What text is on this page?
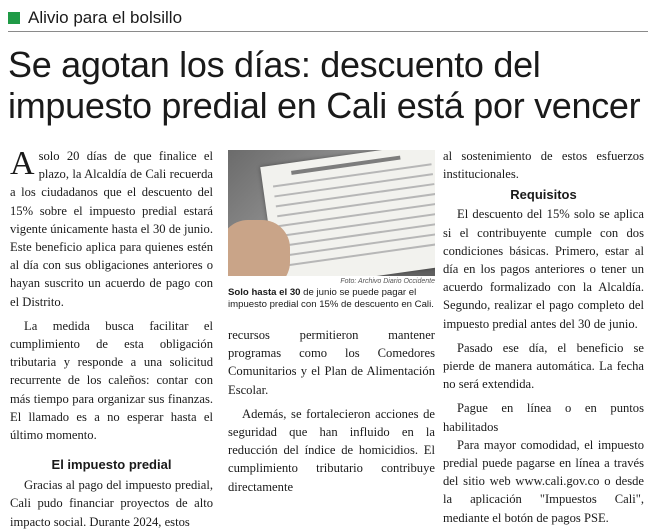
Alivio para el bolsillo
Se agotan los días: descuento del
impuesto predial en Cali está por vencer

Asolo 20 días de que finalice el plazo, la Alcaldía de Cali recuerda a los ciudadanos que el descuento del 15% sobre el impuesto predial estará vigente únicamente hasta el 30 de junio. Este beneficio aplica para quienes estén al día con sus obligaciones anteriores o hayan suscrito un acuerdo de pago con el Distrito.

La medida busca facilitar el cumplimiento de esta obligación tributaria y responde a una solicitud recurrente de los caleños: contar con más tiempo para organizar sus finanzas. El llamado es a no esperar hasta el último momento.

El impuesto predial

Gracias al pago del impuesto predial, Cali pudo financiar proyectos de alto impacto social. Durante 2024, estos

Foto: Archivo Diario Occidente
Solo hasta el 30 de junio se puede pagar el impuesto predial con 15% de descuento en Cali.

recursos permitieron mantener programas como los Comedores Comunitarios y el Plan de Alimentación Escolar.

Además, se fortalecieron acciones de seguridad que han influido en la reducción del índice de homicidios. El cumplimiento tributario contribuye directamente

al sostenimiento de estos esfuerzos institucionales.

Requisitos

El descuento del 15% solo se aplica si el contribuyente cumple con dos condiciones básicas. Primero, estar al día en los pagos anteriores o tener un acuerdo formalizado con la Alcaldía. Segundo, realizar el pago completo del impuesto predial antes del 30 de junio.

Pasado ese día, el beneficio se pierde de manera automática. La fecha no será extendida.

Pague en línea o en puntos habilitados

Para mayor comodidad, el impuesto predial puede pagarse en línea a través del sitio web www.cali.gov.co o desde la aplicación "Impuestos Cali", mediante el botón de pagos PSE.
